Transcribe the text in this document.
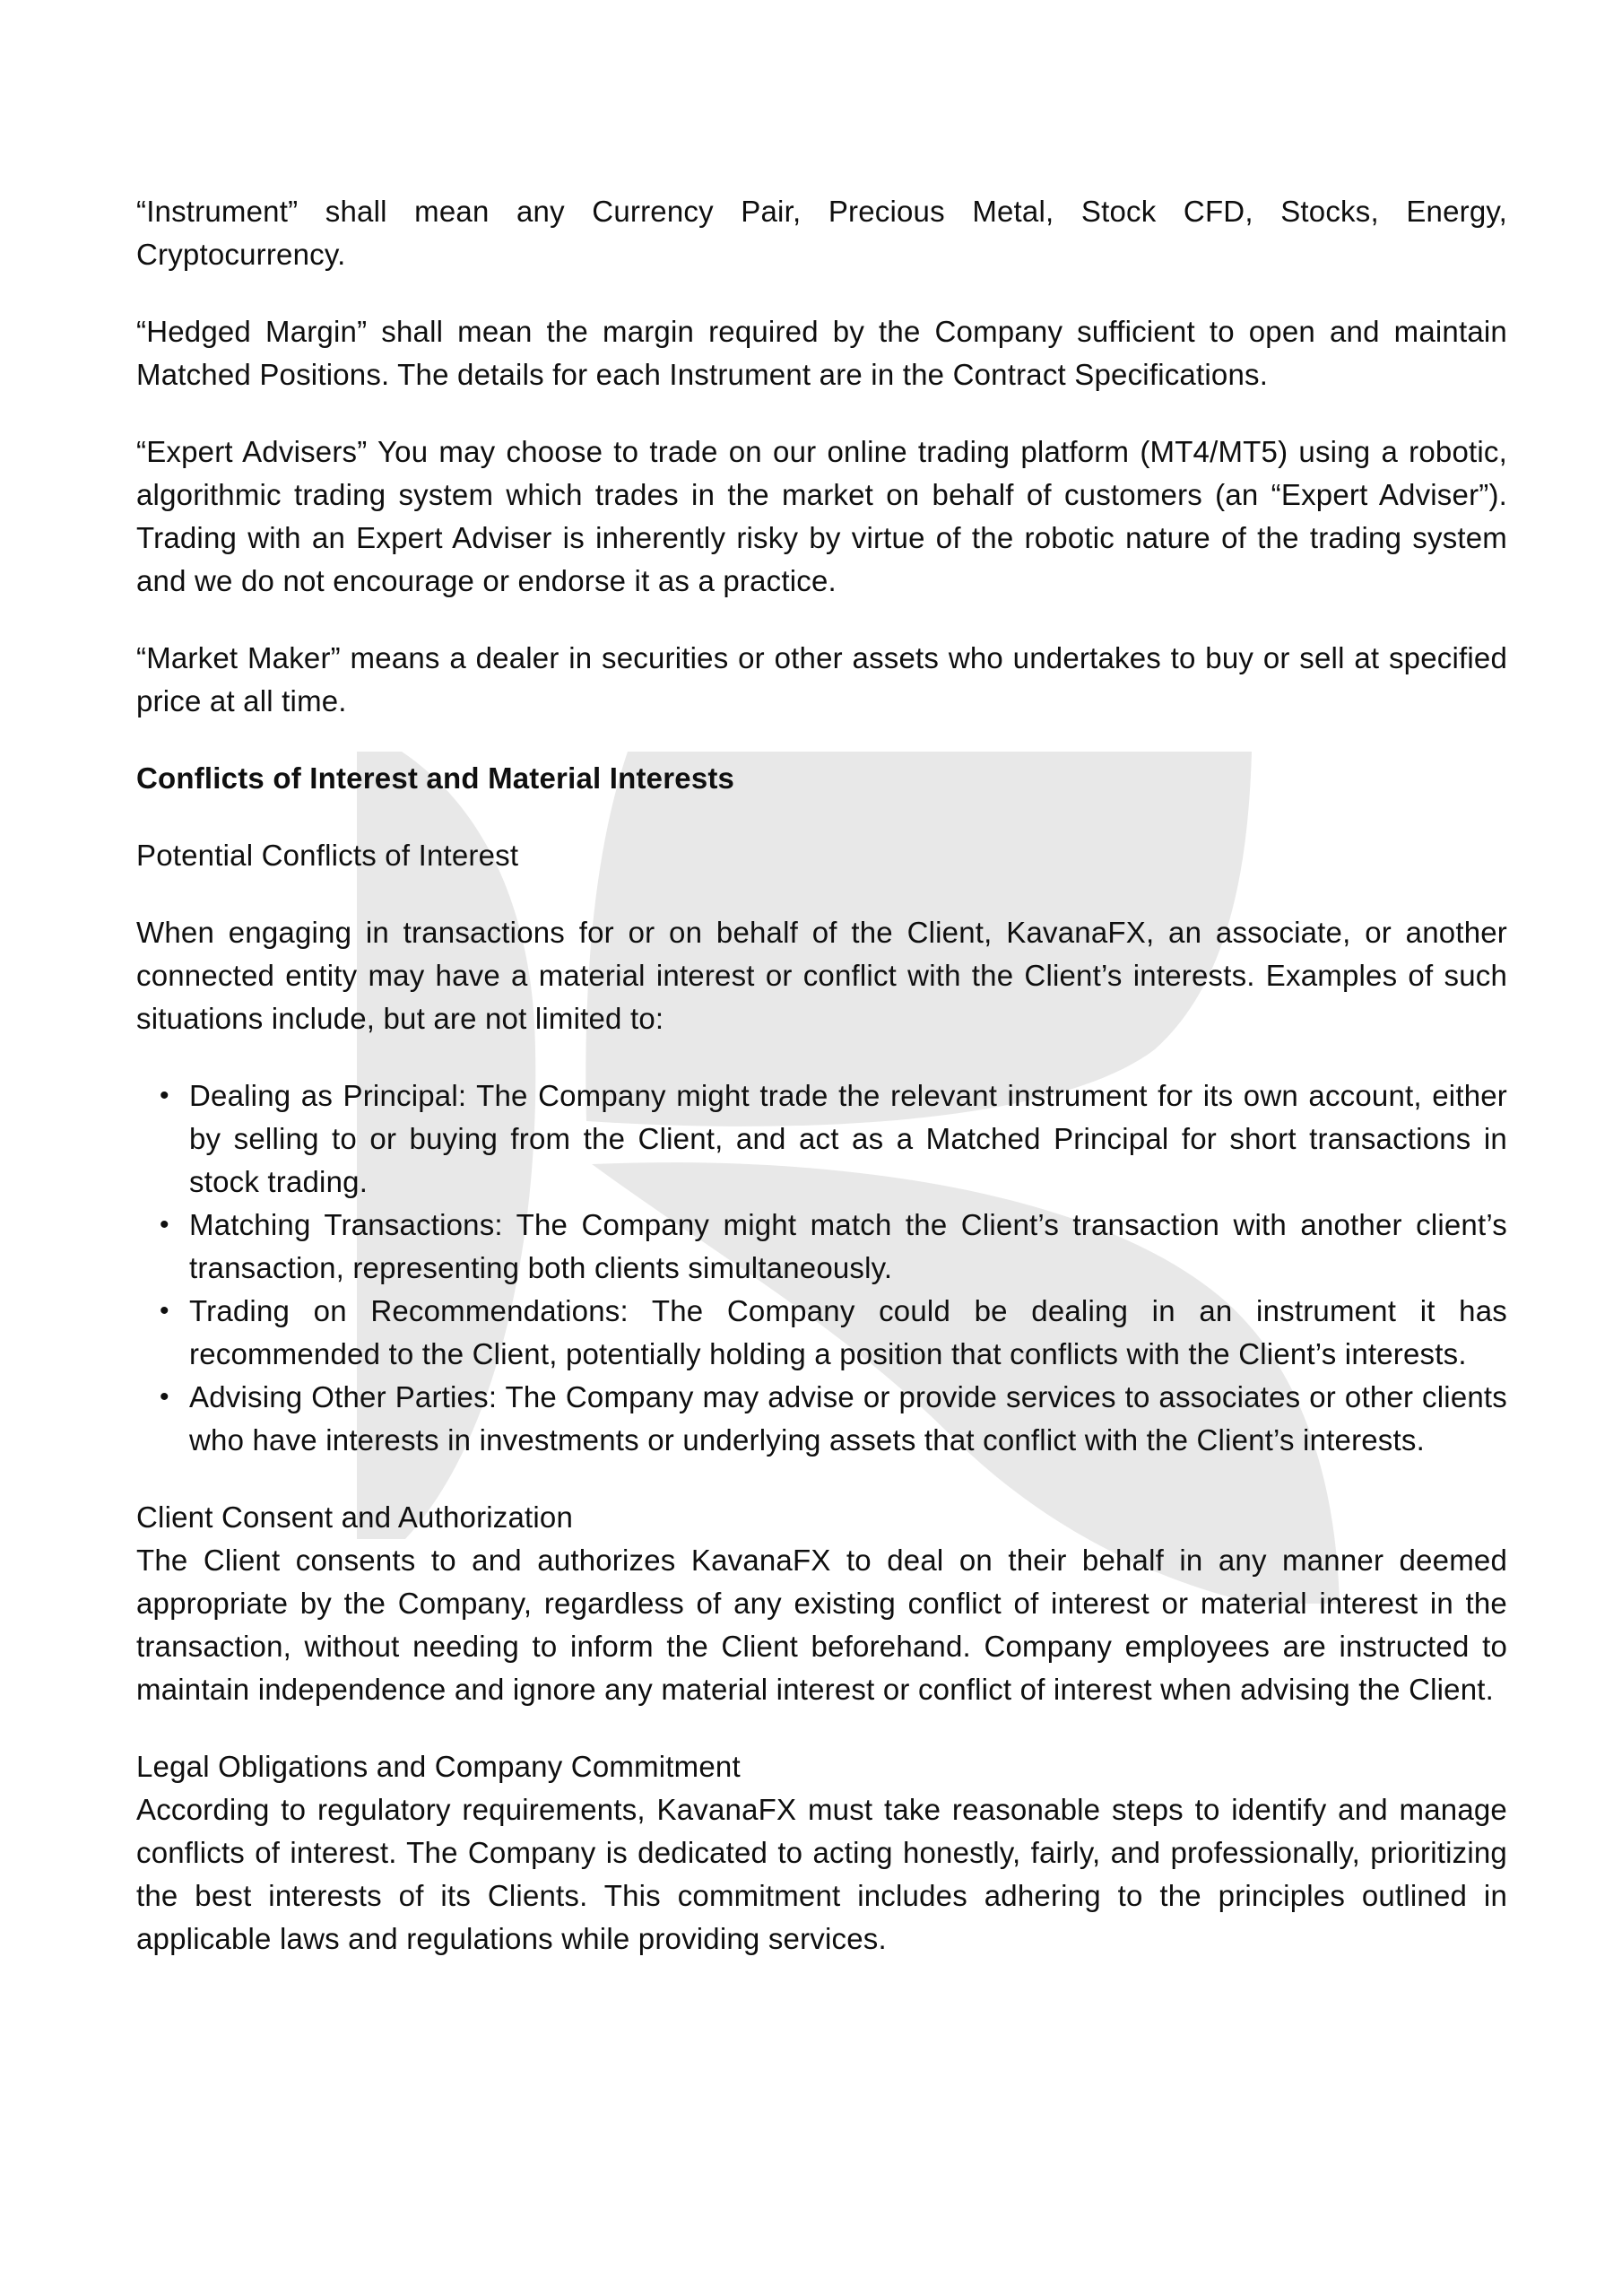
“Instrument” shall mean any Currency Pair, Precious Metal, Stock CFD, Stocks, Energy, Cryptocurrency.

“Hedged Margin” shall mean the margin required by the Company sufficient to open and maintain Matched Positions. The details for each Instrument are in the Contract Specifications.

“Expert Advisers” You may choose to trade on our online trading platform (MT4/MT5) using a robotic, algorithmic trading system which trades in the market on behalf of customers (an “Expert Adviser”). Trading with an Expert Adviser is inherently risky by virtue of the robotic nature of the trading system and we do not encourage or endorse it as a practice.

“Market Maker” means a dealer in securities or other assets who undertakes to buy or sell at specified price at all time.

Conflicts of Interest and Material Interests

Potential Conflicts of Interest

When engaging in transactions for or on behalf of the Client, KavanaFX, an associate, or another connected entity may have a material interest or conflict with the Client’s interests. Examples of such situations include, but are not limited to:

• Dealing as Principal: The Company might trade the relevant instrument for its own account, either by selling to or buying from the Client, and act as a Matched Principal for short transactions in stock trading.
• Matching Transactions: The Company might match the Client’s transaction with another client’s transaction, representing both clients simultaneously.
• Trading on Recommendations: The Company could be dealing in an instrument it has recommended to the Client, potentially holding a position that conflicts with the Client’s interests.
• Advising Other Parties: The Company may advise or provide services to associates or other clients who have interests in investments or underlying assets that conflict with the Client’s interests.

Client Consent and Authorization

The Client consents to and authorizes KavanaFX to deal on their behalf in any manner deemed appropriate by the Company, regardless of any existing conflict of interest or material interest in the transaction, without needing to inform the Client beforehand. Company employees are instructed to maintain independence and ignore any material interest or conflict of interest when advising the Client.

Legal Obligations and Company Commitment

According to regulatory requirements, KavanaFX must take reasonable steps to identify and manage conflicts of interest. The Company is dedicated to acting honestly, fairly, and professionally, prioritizing the best interests of its Clients. This commitment includes adhering to the principles outlined in applicable laws and regulations while providing services.
